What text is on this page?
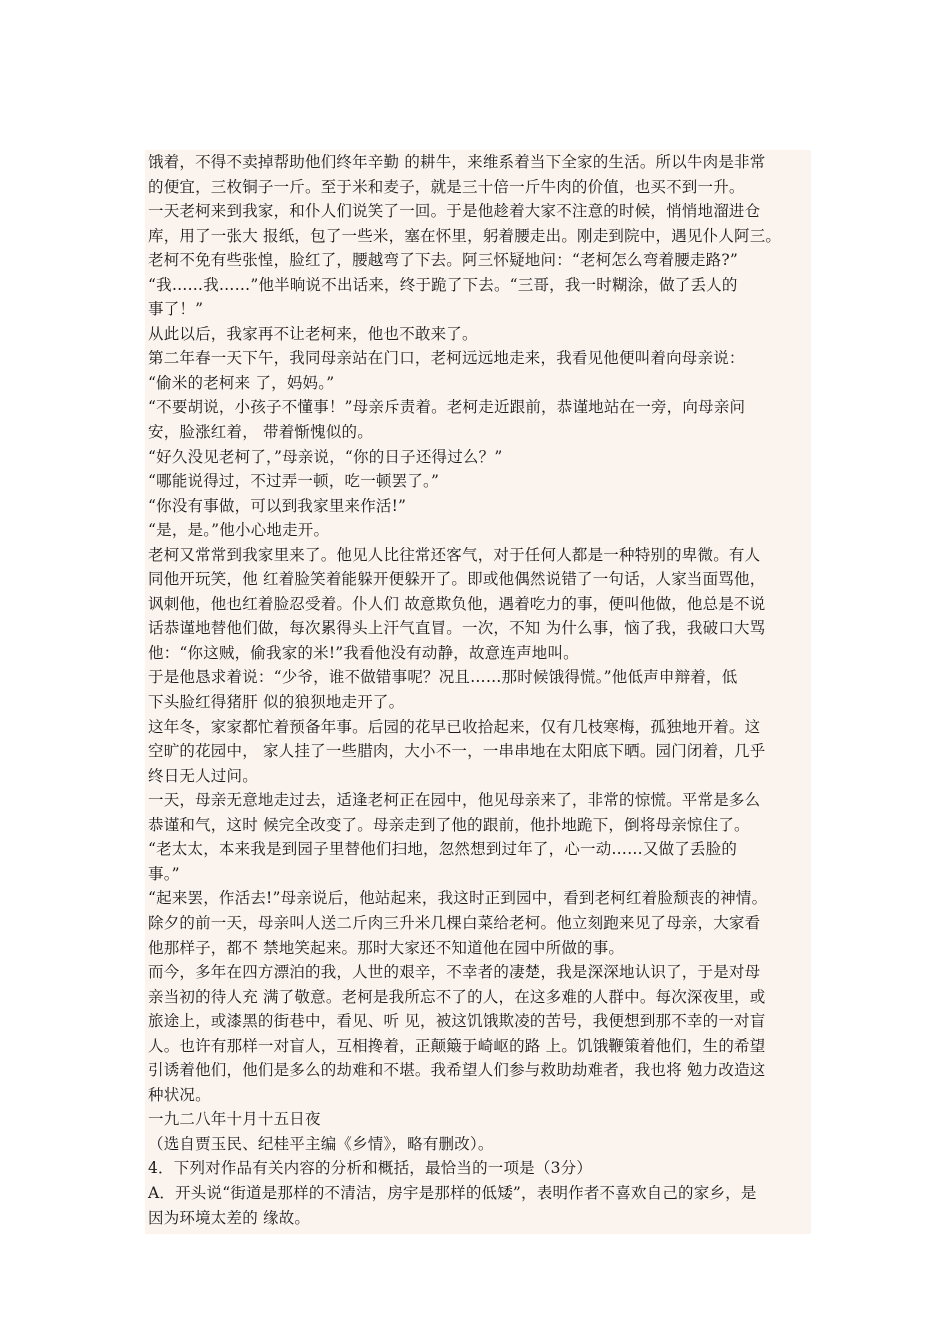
饿着，不得不卖掉帮助他们终年辛勤 的耕牛，来维系着当下全家的生活。所以牛肉是非常
的便宜，三枚铜子一斤。至于米和麦子，就是三十倍一斤牛肉的价值，也买不到一升。
一天老柯来到我家，和仆人们说笑了一回。于是他趁着大家不注意的时候，悄悄地溜进仓
库，用了一张大 报纸，包了一些米，塞在怀里，躬着腰走出。刚走到院中，遇见仆人阿三。
老柯不免有些张惶，脸红了，腰越弯了下去。阿三怀疑地问：“老柯怎么弯着腰走路?”
“我……我……”他半晌说不出话来，终于跪了下去。“三哥，我一时糊涂，做了丢人的
事了！”
从此以后，我家再不让老柯来，他也不敢来了。
第二年春一天下午，我同母亲站在门口，老柯远远地走来，我看见他便叫着向母亲说：
“偷米的老柯来 了，妈妈。”
“不要胡说，小孩子不懂事！”母亲斥责着。老柯走近跟前，恭谨地站在一旁，向母亲问
安，脸涨红着， 带着惭愧似的。
“好久没见老柯了，”母亲说，“你的日子还得过么？”
“哪能说得过，不过弄一顿，吃一顿罢了。”
“你没有事做，可以到我家里来作活!”
“是，是。”他小心地走开。
老柯又常常到我家里来了。他见人比往常还客气，对于任何人都是一种特别的卑微。有人
同他开玩笑，他 红着脸笑着能躲开便躲开了。即或他偶然说错了一句话，人家当面骂他，
讽刺他，他也红着脸忍受着。仆人们 故意欺负他，遇着吃力的事，便叫他做，他总是不说
话恭谨地替他们做，每次累得头上汗气直冒。一次，不知 为什么事，恼了我，我破口大骂
他：“你这贼，偷我家的米!”我看他没有动静，故意连声地叫。
于是他恳求着说：“少爷，谁不做错事呢？况且……那时候饿得慌。”他低声申辩着，低
下头脸红得猪肝 似的狼狈地走开了。
这年冬，家家都忙着预备年事。后园的花早已收拾起来，仅有几枝寒梅，孤独地开着。这
空旷的花园中， 家人挂了一些腊肉，大小不一，一串串地在太阳底下晒。园门闭着，几乎
终日无人过问。
一天，母亲无意地走过去，适逢老柯正在园中，他见母亲来了，非常的惊慌。平常是多么
恭谨和气，这时 候完全改变了。母亲走到了他的跟前，他扑地跪下，倒将母亲惊住了。
“老太太，本来我是到园子里替他们扫地，忽然想到过年了，心一动……又做了丢脸的
事。”
“起来罢，作活去!”母亲说后，他站起来，我这时正到园中，看到老柯红着脸颓丧的神情。
除夕的前一天，母亲叫人送二斤肉三升米几棵白菜给老柯。他立刻跑来见了母亲，大家看
他那样子，都不 禁地笑起来。那时大家还不知道他在园中所做的事。
而今，多年在四方漂泊的我，人世的艰辛，不幸者的凄楚，我是深深地认识了，于是对母
亲当初的待人充 满了敬意。老柯是我所忘不了的人，在这多难的人群中。每次深夜里，或
旅途上，或漆黑的街巷中，看见、听 见，被这饥饿欺凌的苦号，我便想到那不幸的一对盲
人。也许有那样一对盲人，互相搀着，正颠簸于崎岖的路 上。饥饿鞭策着他们，生的希望
引诱着他们，他们是多么的劫难和不堪。我希望人们参与救助劫难者，我也将 勉力改造这
种状况。
一九二八年十月十五日夜
（选自贾玉民、纪桂平主编《乡情》，略有删改）。
4．下列对作品有关内容的分析和概括，最恰当的一项是（3分）
A．开头说“街道是那样的不清洁，房宇是那样的低矮”，表明作者不喜欢自己的家乡，是
因为环境太差的 缘故。
